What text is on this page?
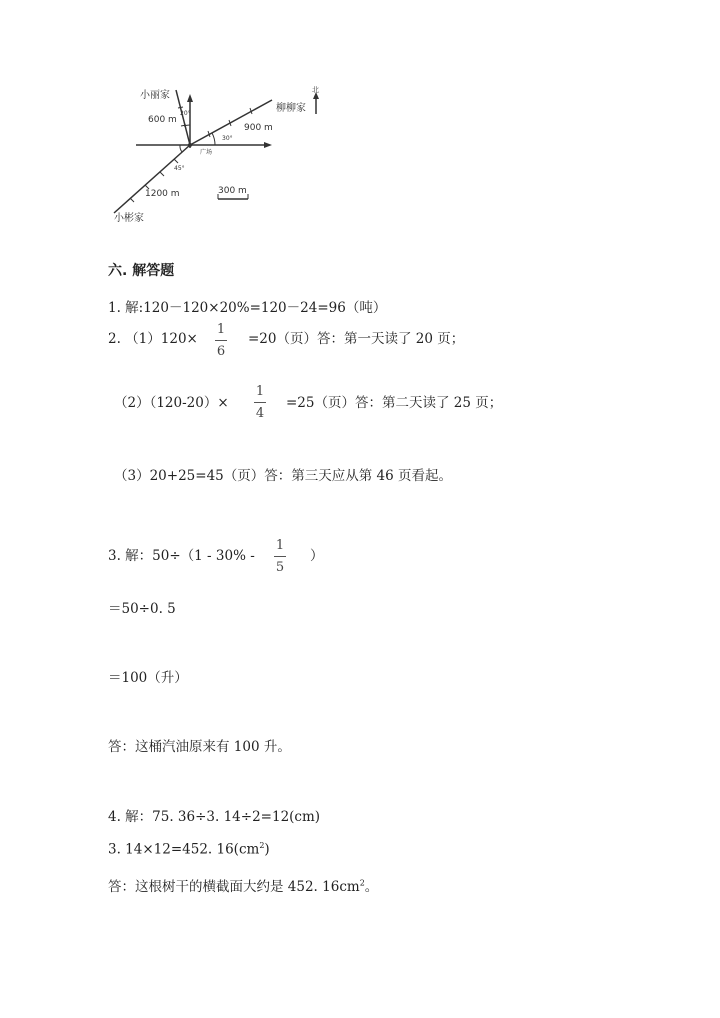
小丽家
600 m
20°	柳柳家
北
900 m
30°
广场
45°
1200 m	300 m
小彬家
六. 解答题
1. 解:120－120×20%=120－24=96（吨）
2. （1）120×
1
6
=20（页）答：第一天读了 20 页；
（2）（120-20）×
1
4
=25（页）答：第二天读了 25 页；
（3）20+25=45（页）答：第三天应从第 46 页看起。
3. 解：50÷（1 - 30% -
1
5
）
＝50÷0. 5
＝100（升）
答：这桶汽油原来有 100 升。
4. 解：75. 36÷3. 14÷2=12(cm)
3. 14×12=452. $16(cm^2)$
答：这根树干的横截面大约是 452. $16cm^2$。
